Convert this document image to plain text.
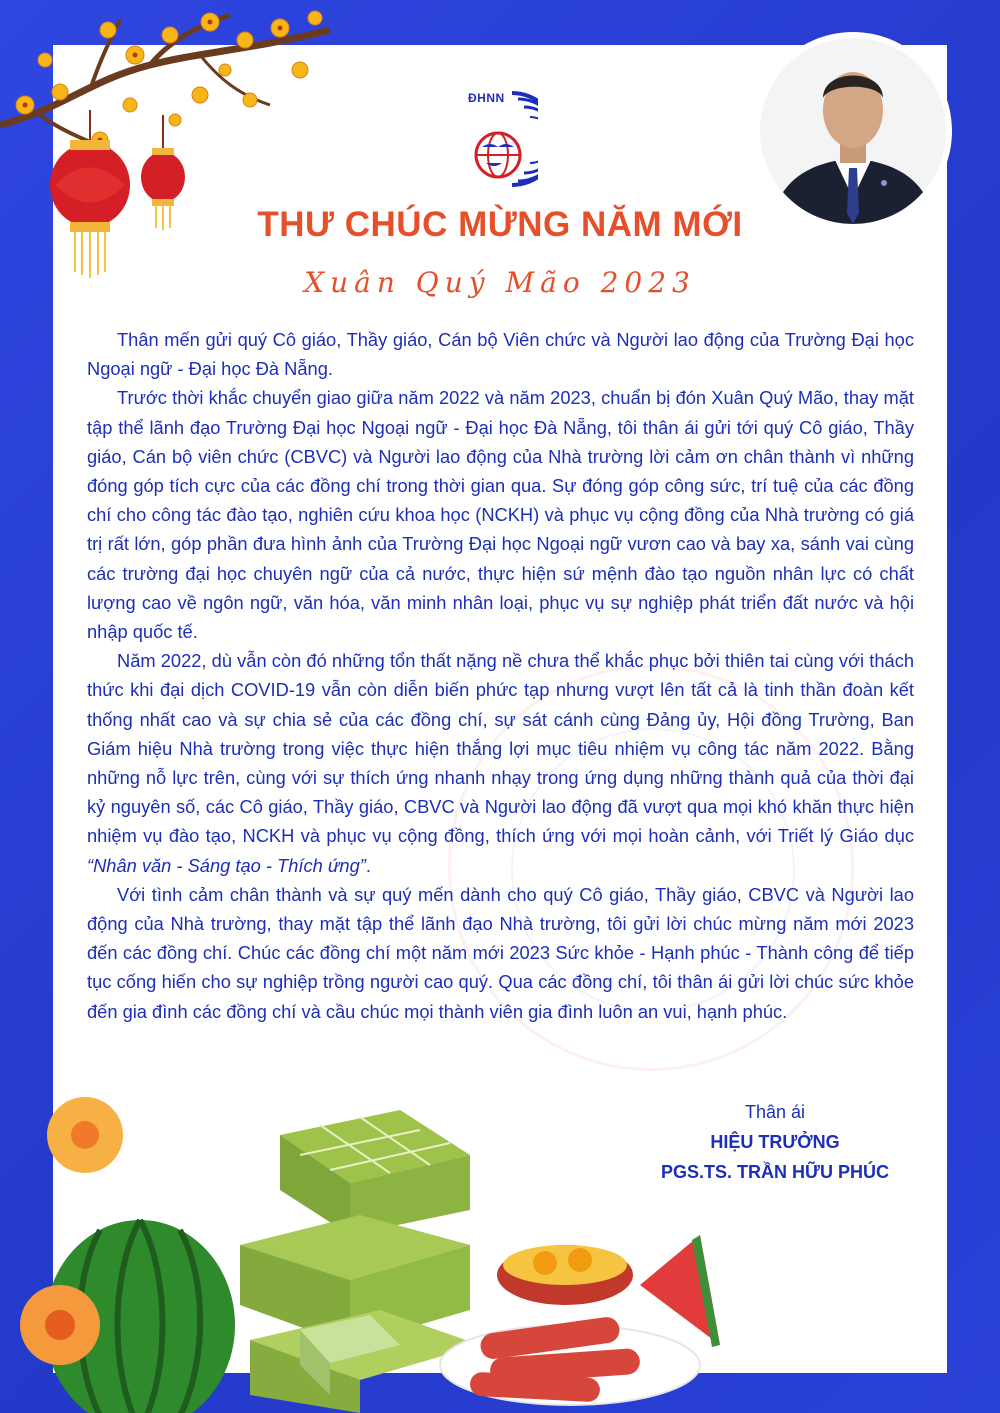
ĐHNN
THƯ CHÚC MỪNG NĂM MỚI
Xuân Quý Mão 2023

Thân mến gửi quý Cô giáo, Thầy giáo, Cán bộ Viên chức và Người lao động của Trường Đại học Ngoại ngữ - Đại học Đà Nẵng.

Trước thời khắc chuyển giao giữa năm 2022 và năm 2023, chuẩn bị đón Xuân Quý Mão, thay mặt tập thể lãnh đạo Trường Đại học Ngoại ngữ - Đại học Đà Nẵng, tôi thân ái gửi tới quý Cô giáo, Thầy giáo, Cán bộ viên chức (CBVC) và Người lao động của Nhà trường lời cảm ơn chân thành vì những đóng góp tích cực của các đồng chí trong thời gian qua. Sự đóng góp công sức, trí tuệ của các đồng chí cho công tác đào tạo, nghiên cứu khoa học (NCKH) và phục vụ cộng đồng của Nhà trường có giá trị rất lớn, góp phần đưa hình ảnh của Trường Đại học Ngoại ngữ vươn cao và bay xa, sánh vai cùng các trường đại học chuyên ngữ của cả nước, thực hiện sứ mệnh đào tạo nguồn nhân lực có chất lượng cao về ngôn ngữ, văn hóa, văn minh nhân loại, phục vụ sự nghiệp phát triển đất nước và hội nhập quốc tế.

Năm 2022, dù vẫn còn đó những tổn thất nặng nề chưa thể khắc phục bởi thiên tai cùng với thách thức khi đại dịch COVID-19 vẫn còn diễn biến phức tạp nhưng vượt lên tất cả là tinh thần đoàn kết thống nhất cao và sự chia sẻ của các đồng chí, sự sát cánh cùng Đảng ủy, Hội đồng Trường, Ban Giám hiệu Nhà trường trong việc thực hiện thắng lợi mục tiêu nhiệm vụ công tác năm 2022. Bằng những nỗ lực trên, cùng với sự thích ứng nhanh nhạy trong ứng dụng những thành quả của thời đại kỷ nguyên số, các Cô giáo, Thầy giáo, CBVC và Người lao động đã vượt qua mọi khó khăn thực hiện nhiệm vụ đào tạo, NCKH và phục vụ cộng đồng, thích ứng với mọi hoàn cảnh, với Triết lý Giáo dục “Nhân văn - Sáng tạo - Thích ứng”.

Với tình cảm chân thành và sự quý mến dành cho quý Cô giáo, Thầy giáo, CBVC và Người lao động của Nhà trường, thay mặt tập thể lãnh đạo Nhà trường, tôi gửi lời chúc mừng năm mới 2023 đến các đồng chí. Chúc các đồng chí một năm mới 2023 Sức khỏe - Hạnh phúc - Thành công để tiếp tục cống hiến cho sự nghiệp trồng người cao quý. Qua các đồng chí, tôi thân ái gửi lời chúc sức khỏe đến gia đình các đồng chí và cầu chúc mọi thành viên gia đình luôn an vui, hạnh phúc.

Thân ái
HIỆU TRƯỞNG
PGS.TS. TRẦN HỮU PHÚC
